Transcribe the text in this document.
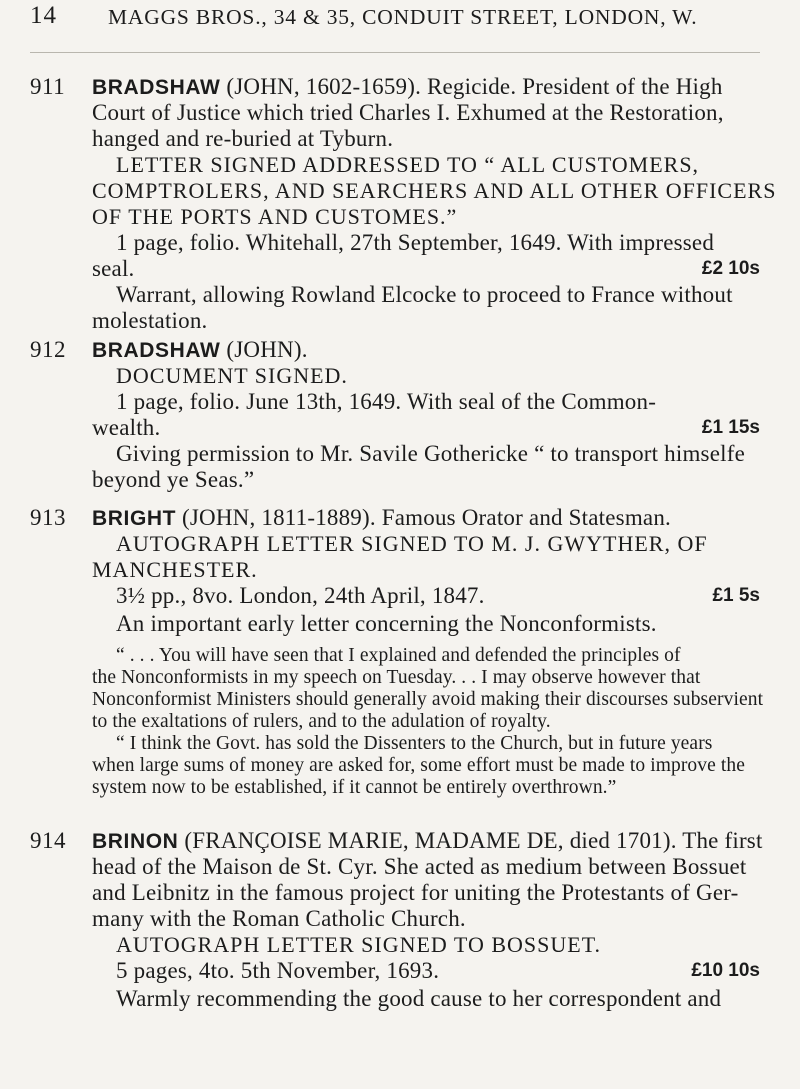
14 MAGGS BROS., 34 & 35, CONDUIT STREET, LONDON, W.
911 BRADSHAW (JOHN, 1602-1659). Regicide. President of the High
Court of Justice which tried Charles I. Exhumed at the Restoration,
hanged and re-buried at Tyburn.
LETTER SIGNED ADDRESSED TO “ ALL CUSTOMERS,
COMPTROLERS, AND SEARCHERS AND ALL OTHER OFFICERS
OF THE PORTS AND CUSTOMES.”
1 page, folio. Whitehall, 27th September, 1649. With impressed
seal.	£2 10s
Warrant, allowing Rowland Elcocke to proceed to France without
molestation.
912 BRADSHAW (JOHN).
DOCUMENT SIGNED.
1 page, folio. June 13th, 1649. With seal of the Common-
wealth.	£1 15s
Giving permission to Mr. Savile Gothericke “ to transport himselfe
beyond ye Seas.”
913 BRIGHT (JOHN, 1811-1889). Famous Orator and Statesman.
AUTOGRAPH LETTER SIGNED TO M. J. GWYTHER, OF
MANCHESTER.
3½ pp., 8vo. London, 24th April, 1847.	£1 5s
An important early letter concerning the Nonconformists.
“ . . . You will have seen that I explained and defended the principles of
the Nonconformists in my speech on Tuesday. . . I may observe however that
Nonconformist Ministers should generally avoid making their discourses subservient
to the exaltations of rulers, and to the adulation of royalty.
“ I think the Govt. has sold the Dissenters to the Church, but in future years
when large sums of money are asked for, some effort must be made to improve the
system now to be established, if it cannot be entirely overthrown.”
914 BRINON (FRANÇOISE MARIE, MADAME DE, died 1701). The first
head of the Maison de St. Cyr. She acted as medium between Bossuet
and Leibnitz in the famous project for uniting the Protestants of Ger-
many with the Roman Catholic Church.
AUTOGRAPH LETTER SIGNED TO BOSSUET.
5 pages, 4to. 5th November, 1693.	£10 10s
Warmly recommending the good cause to her correspondent and
